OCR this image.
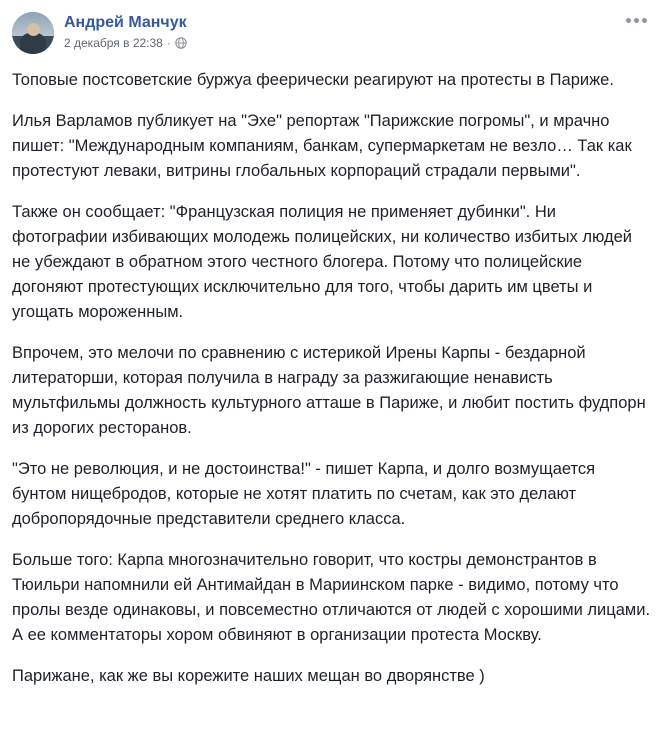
Андрей Манчук
2 декабря в 22:38 ·

Топовые постсоветские буржуа феерически реагируют на протесты в Париже.

Илья Варламов публикует на "Эхе" репортаж "Парижские погромы", и мрачно пишет: "Международным компаниям, банкам, супермаркетам не везло… Так как протестуют леваки, витрины глобальных корпораций страдали первыми".

Также он сообщает: "Французская полиция не применяет дубинки". Ни фотографии избивающих молодежь полицейских, ни количество избитых людей не убеждают в обратном этого честного блогера. Потому что полицейские догоняют протестующих исключительно для того, чтобы дарить им цветы и угощать мороженным.

Впрочем, это мелочи по сравнению с истерикой Ирены Карпы - бездарной литераторши, которая получила в награду за разжигающие ненависть мультфильмы должность культурного атташе в Париже, и любит постить фудпорн из дорогих ресторанов.

"Это не революция, и не достоинства!" - пишет Карпа, и долго возмущается бунтом нищебродов, которые не хотят платить по счетам, как это делают добропорядочные представители среднего класса.

Больше того: Карпа многозначительно говорит, что костры демонстрантов в Тюильри напомнили ей Антимайдан в Мариинском парке - видимо, потому что пролы везде одинаковы, и повсеместно отличаются от людей с хорошими лицами. А ее комментаторы хором обвиняют в организации протеста Москву.

Парижане, как же вы корежите наших мещан во дворянстве )
